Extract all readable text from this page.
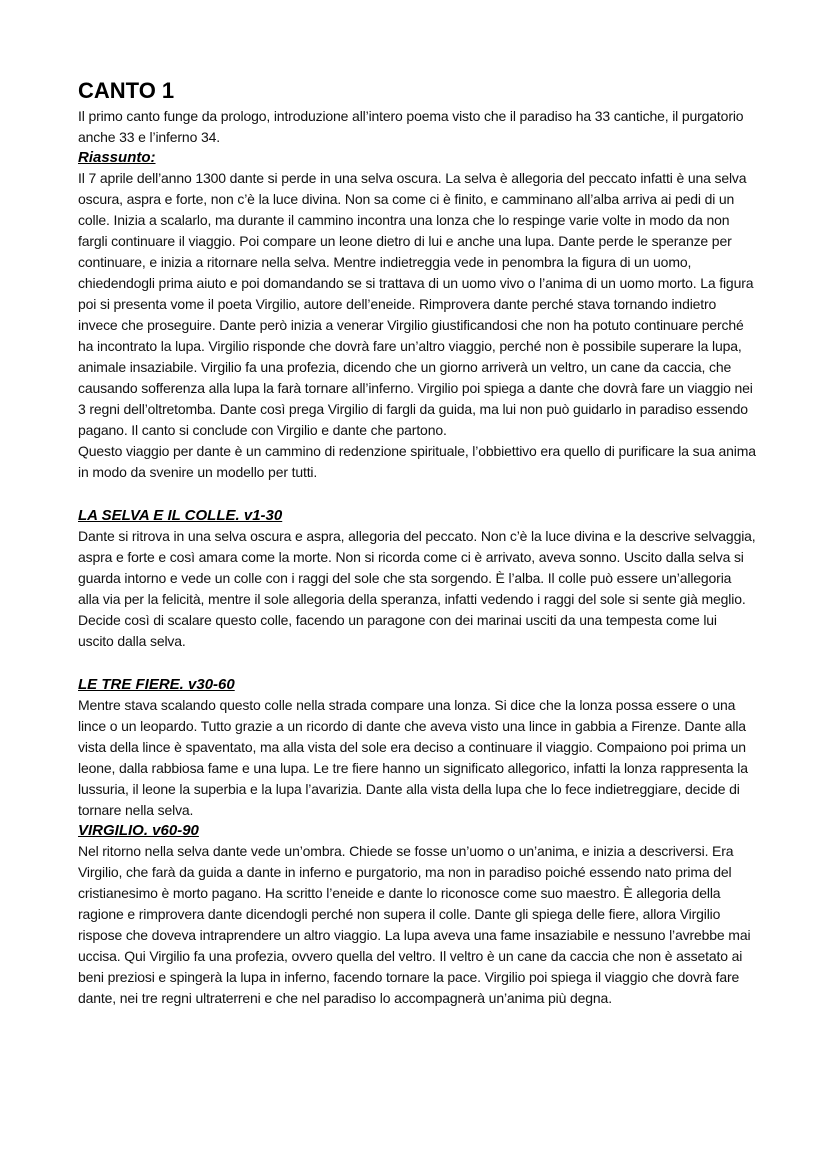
CANTO 1

Il primo canto funge da prologo, introduzione all’intero poema visto che il paradiso ha 33 cantiche, il purgatorio anche 33 e l’inferno 34.

Riassunto:

Il 7 aprile dell’anno 1300 dante si perde in una selva oscura. La selva è allegoria del peccato infatti è una selva oscura, aspra e forte, non c’è la luce divina. Non sa come ci è finito, e camminano all’alba arriva ai pedi di un colle. Inizia a scalarlo, ma durante il cammino incontra una lonza che lo respinge varie volte in modo da non fargli continuare il viaggio. Poi compare un leone dietro di lui e anche una lupa. Dante perde le speranze per continuare, e inizia a ritornare nella selva. Mentre indietreggia vede in penombra la figura di un uomo, chiedendogli prima aiuto e poi domandando se si trattava di un uomo vivo o l’anima di un uomo morto. La figura poi si presenta vome il poeta Virgilio, autore dell’eneide. Rimprovera dante perché stava tornando indietro invece che proseguire. Dante però inizia a venerar Virgilio giustificandosi che non ha potuto continuare perché ha incontrato la lupa. Virgilio risponde che dovrà fare un’altro viaggio, perché non è possibile superare la lupa, animale insaziabile. Virgilio fa una profezia, dicendo che un giorno arriverà un veltro, un cane da caccia, che causando sofferenza alla lupa la farà tornare all’inferno. Virgilio poi spiega a dante che dovrà fare un viaggio nei 3 regni dell’oltretomba. Dante così prega Virgilio di fargli da guida, ma lui non può guidarlo in paradiso essendo pagano. Il canto si conclude con Virgilio e dante che partono.

Questo viaggio per dante è un cammino di redenzione spirituale, l’obbiettivo era quello di purificare la sua anima in modo da svenire un modello per tutti.

LA SELVA E IL COLLE. v1-30

Dante si ritrova in una selva oscura e aspra, allegoria del peccato. Non c’è la luce divina e la descrive selvaggia, aspra e forte e così amara come la morte. Non si ricorda come ci è arrivato, aveva sonno. Uscito dalla selva si guarda intorno e vede un colle con i raggi del sole che sta sorgendo. È l’alba. Il colle può essere un’allegoria alla via per la felicità, mentre il sole allegoria della speranza, infatti vedendo i raggi del sole si sente già meglio. Decide così di scalare questo colle, facendo un paragone con dei marinai usciti da una tempesta come lui uscito dalla selva.

LE TRE FIERE. v30-60

Mentre stava scalando questo colle nella strada compare una lonza. Si dice che la lonza possa essere o una lince o un leopardo. Tutto grazie a un ricordo di dante che aveva visto una lince in gabbia a Firenze. Dante alla vista della lince è spaventato, ma alla vista del sole era deciso a continuare il viaggio. Compaiono poi prima un leone, dalla rabbiosa fame e una lupa. Le tre fiere hanno un significato allegorico, infatti la lonza rappresenta la lussuria, il leone la superbia e la lupa l’avarizia. Dante alla vista della lupa che lo fece indietreggiare, decide di tornare nella selva.

VIRGILIO. v60-90

Nel ritorno nella selva dante vede un’ombra. Chiede se fosse un’uomo o un’anima, e inizia a descriversi. Era Virgilio, che farà da guida a dante in inferno e purgatorio, ma non in paradiso poiché essendo nato prima del cristianesimo è morto pagano. Ha scritto l’eneide e dante lo riconosce come suo maestro. È allegoria della ragione e rimprovera dante dicendogli perché non supera il colle. Dante gli spiega delle fiere, allora Virgilio rispose che doveva intraprendere un altro viaggio. La lupa aveva una fame insaziabile e nessuno l’avrebbe mai uccisa. Qui Virgilio fa una profezia, ovvero quella del veltro. Il veltro è un cane da caccia che non è assetato ai beni preziosi e spingerà la lupa in inferno, facendo tornare la pace. Virgilio poi spiega il viaggio che dovrà fare dante, nei tre regni ultraterreni e che nel paradiso lo accompagnerà un’anima più degna.
